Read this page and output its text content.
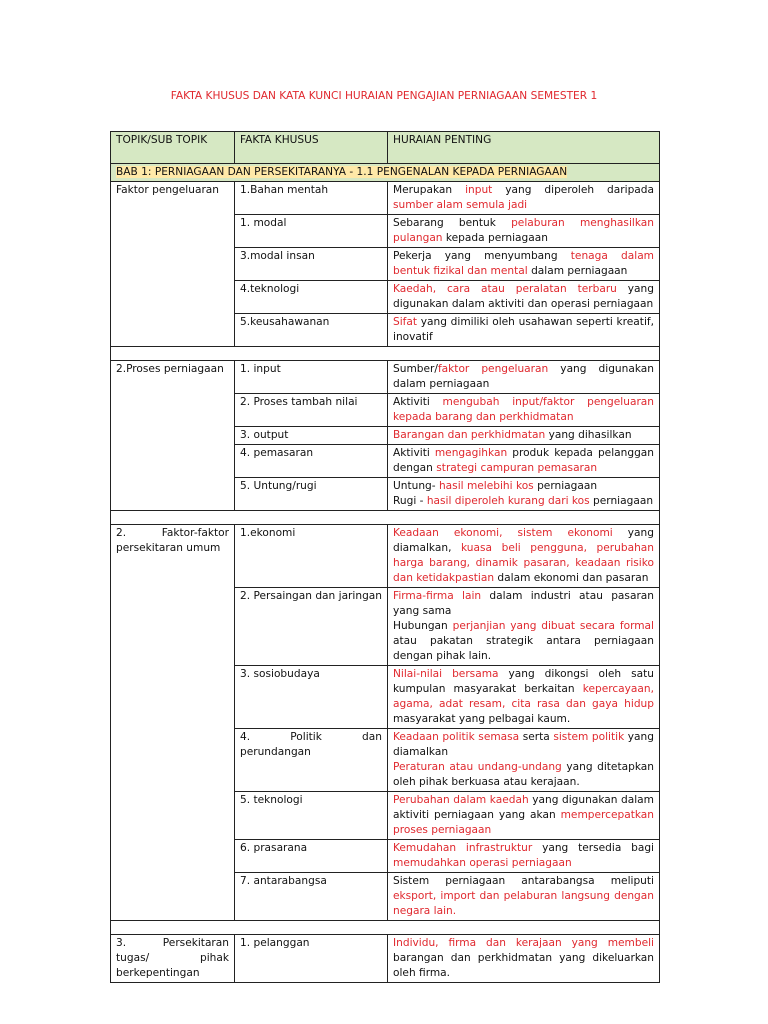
FAKTA KHUSUS DAN KATA KUNCI HURAIAN PENGAJIAN PERNIAGAAN SEMESTER 1
TOPIK/SUB TOPIK	FAKTA KHUSUS	HURAIAN PENTING
BAB 1: PERNIAGAAN DAN PERSEKITARANYA - 1.1 PENGENALAN KEPADA PERNIAGAAN		
Faktor pengeluaran	1.Bahan mentah	Merupakan input yang diperoleh daripada sumber alam semula jadi
	1. modal	Sebarang bentuk pelaburan menghasilkan pulangan kepada perniagaan
	3.modal insan	Pekerja yang menyumbang tenaga dalam bentuk fizikal dan mental dalam perniagaan
	4.teknologi	Kaedah, cara atau peralatan terbaru yang digunakan dalam aktiviti dan operasi perniagaan
	5.keusahawanan	Sifat yang dimiliki oleh usahawan seperti kreatif, inovatif

2.Proses perniagaan	1. input	Sumber/faktor pengeluaran yang digunakan dalam perniagaan
	2. Proses tambah nilai	Aktiviti mengubah input/faktor pengeluaran kepada barang dan perkhidmatan
	3. output	Barangan dan perkhidmatan yang dihasilkan
	4. pemasaran	Aktiviti mengagihkan produk kepada pelanggan dengan strategi campuran pemasaran
	5. Untung/rugi	Untung- hasil melebihi kos perniagaan
Rugi - hasil diperoleh kurang dari kos perniagaan

2. Faktor-faktor persekitaran umum	1.ekonomi	Keadaan ekonomi, sistem ekonomi yang diamalkan, kuasa beli pengguna, perubahan harga barang, dinamik pasaran, keadaan risiko dan ketidakpastian dalam ekonomi dan pasaran
	2. Persaingan dan jaringan	Firma-firma lain dalam industri atau pasaran yang sama
Hubungan perjanjian yang dibuat secara formal atau pakatan strategik antara perniagaan dengan pihak lain.

	3. sosiobudaya	Nilai-nilai bersama yang dikongsi oleh satu kumpulan masyarakat berkaitan kepercayaan, agama, adat resam, cita rasa dan gaya hidup masyarakat yang pelbagai kaum.
	4. Politik dan perundangan	Keadaan politik semasa serta sistem politik yang diamalkan
Peraturan atau undang-undang yang ditetapkan oleh pihak berkuasa atau kerajaan.

	5. teknologi	Perubahan dalam kaedah yang digunakan dalam aktiviti perniagaan yang akan mempercepatkan proses perniagaan
	6. prasarana	Kemudahan infrastruktur yang tersedia bagi memudahkan operasi perniagaan
	7. antarabangsa	Sistem perniagaan antarabangsa meliputi eksport, import dan pelaburan langsung dengan negara lain.

3. Persekitaran tugas/ pihak berkepentingan	1. pelanggan	Individu, firma dan kerajaan yang membeli barangan dan perkhidmatan yang dikeluarkan oleh firma.
